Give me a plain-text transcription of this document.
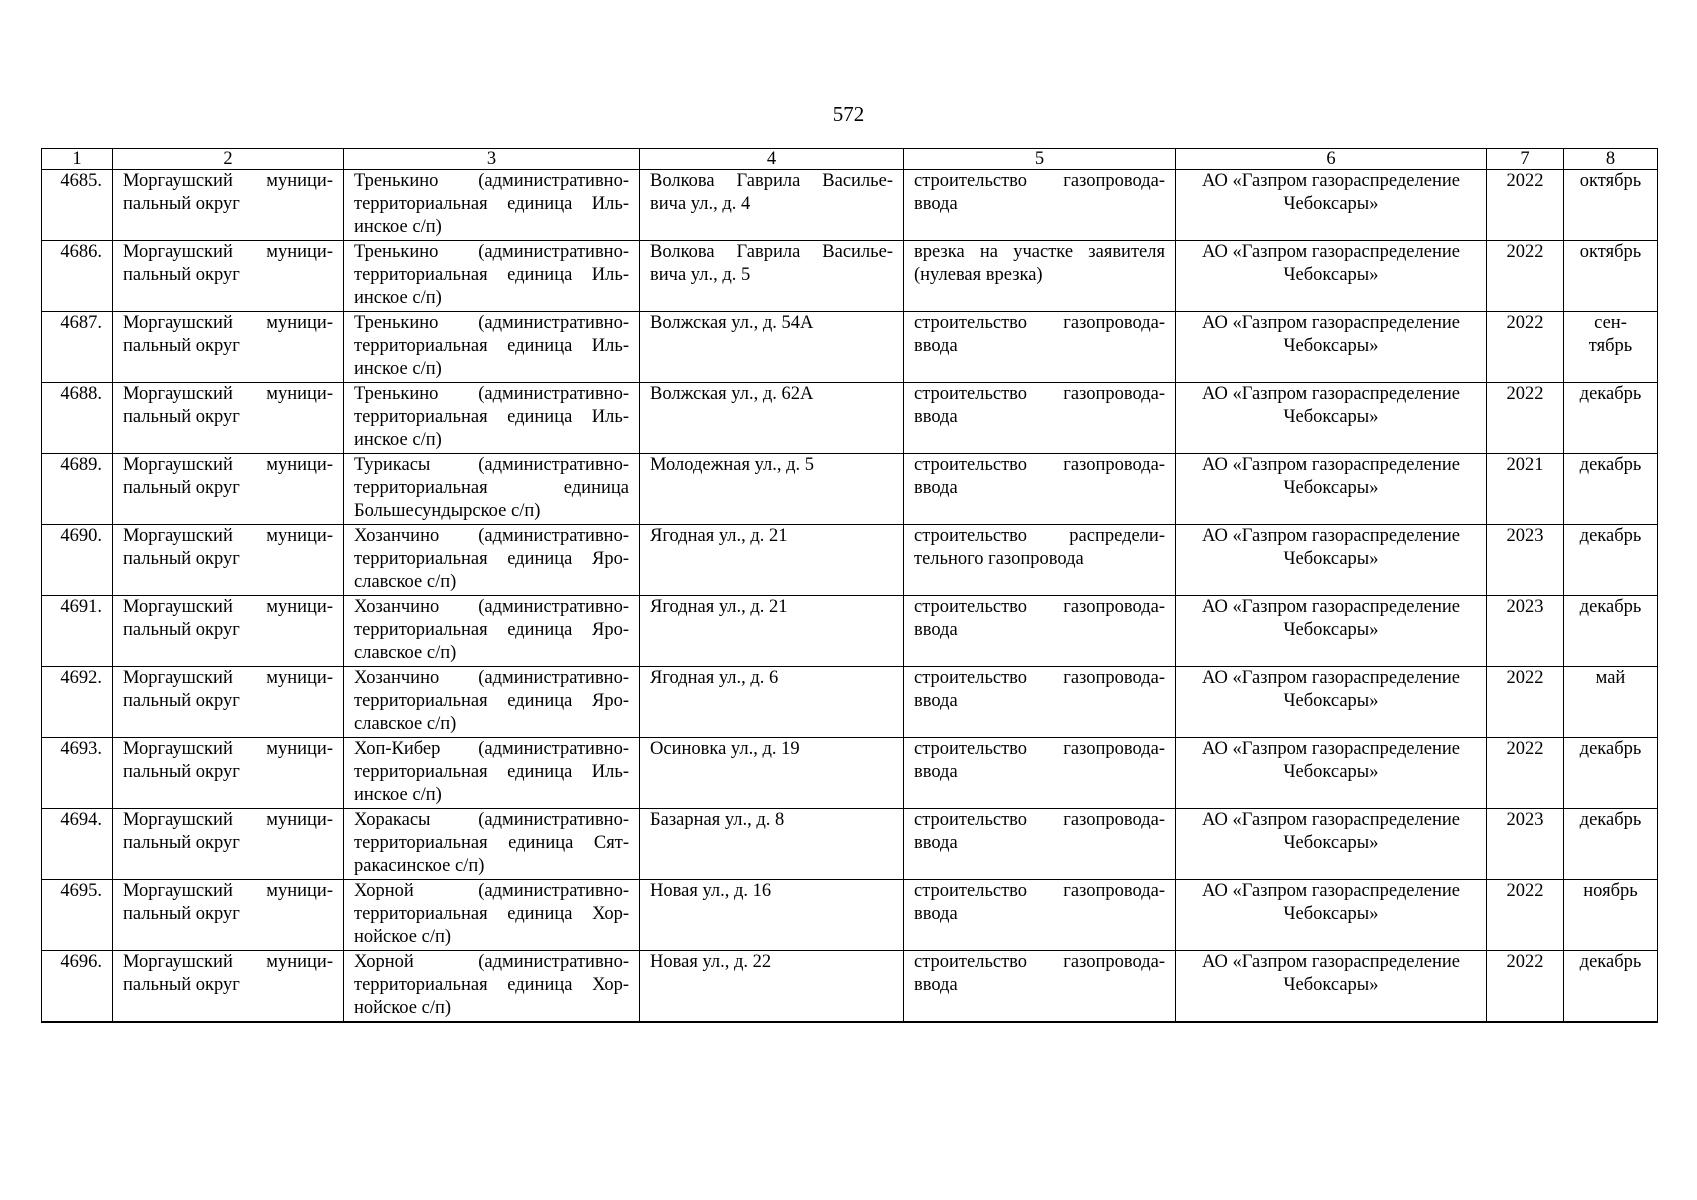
572
1	2	3	4	5	6	7	8
4685.	Моргаушский муници-пальный округ	Тренькино (административно-территориальная единица Иль-инское с/п)	Волкова Гаврила Василье-вича ул., д. 4	строительство газопровода-ввода	АО «Газпром газораспределение Чебоксары»	2022	октябрь
4686.	Моргаушский муници-пальный округ	Тренькино (административно-территориальная единица Иль-инское с/п)	Волкова Гаврила Василье-вича ул., д. 5	врезка на участке заявителя (нулевая врезка)	АО «Газпром газораспределение Чебоксары»	2022	октябрь
4687.	Моргаушский муници-пальный округ	Тренькино (административно-территориальная единица Иль-инское с/п)	Волжская ул., д. 54А	строительство газопровода-ввода	АО «Газпром газораспределение Чебоксары»	2022	сен-тябрь
4688.	Моргаушский муници-пальный округ	Тренькино (административно-территориальная единица Иль-инское с/п)	Волжская ул., д. 62А	строительство газопровода-ввода	АО «Газпром газораспределение Чебоксары»	2022	декабрь
4689.	Моргаушский муници-пальный округ	Турикасы (административно-территориальная единица Большесундырское с/п)	Молодежная ул., д. 5	строительство газопровода-ввода	АО «Газпром газораспределение Чебоксары»	2021	декабрь
4690.	Моргаушский муници-пальный округ	Хозанчино (административно-территориальная единица Яро-славское с/п)	Ягодная ул., д. 21	строительство распредели-тельного газопровода	АО «Газпром газораспределение Чебоксары»	2023	декабрь
4691.	Моргаушский муници-пальный округ	Хозанчино (административно-территориальная единица Яро-славское с/п)	Ягодная ул., д. 21	строительство газопровода-ввода	АО «Газпром газораспределение Чебоксары»	2023	декабрь
4692.	Моргаушский муници-пальный округ	Хозанчино (административно-территориальная единица Яро-славское с/п)	Ягодная ул., д. 6	строительство газопровода-ввода	АО «Газпром газораспределение Чебоксары»	2022	май
4693.	Моргаушский муници-пальный округ	Хоп-Кибер (административно-территориальная единица Иль-инское с/п)	Осиновка ул., д. 19	строительство газопровода-ввода	АО «Газпром газораспределение Чебоксары»	2022	декабрь
4694.	Моргаушский муници-пальный округ	Хоракасы (административно-территориальная единица Сят-ракасинское с/п)	Базарная ул., д. 8	строительство газопровода-ввода	АО «Газпром газораспределение Чебоксары»	2023	декабрь
4695.	Моргаушский муници-пальный округ	Хорной (административно-территориальная единица Хор-нойское с/п)	Новая ул., д. 16	строительство газопровода-ввода	АО «Газпром газораспределение Чебоксары»	2022	ноябрь
4696.	Моргаушский муници-пальный округ	Хорной (административно-территориальная единица Хор-нойское с/п)	Новая ул., д. 22	строительство газопровода-ввода	АО «Газпром газораспределение Чебоксары»	2022	декабрь
